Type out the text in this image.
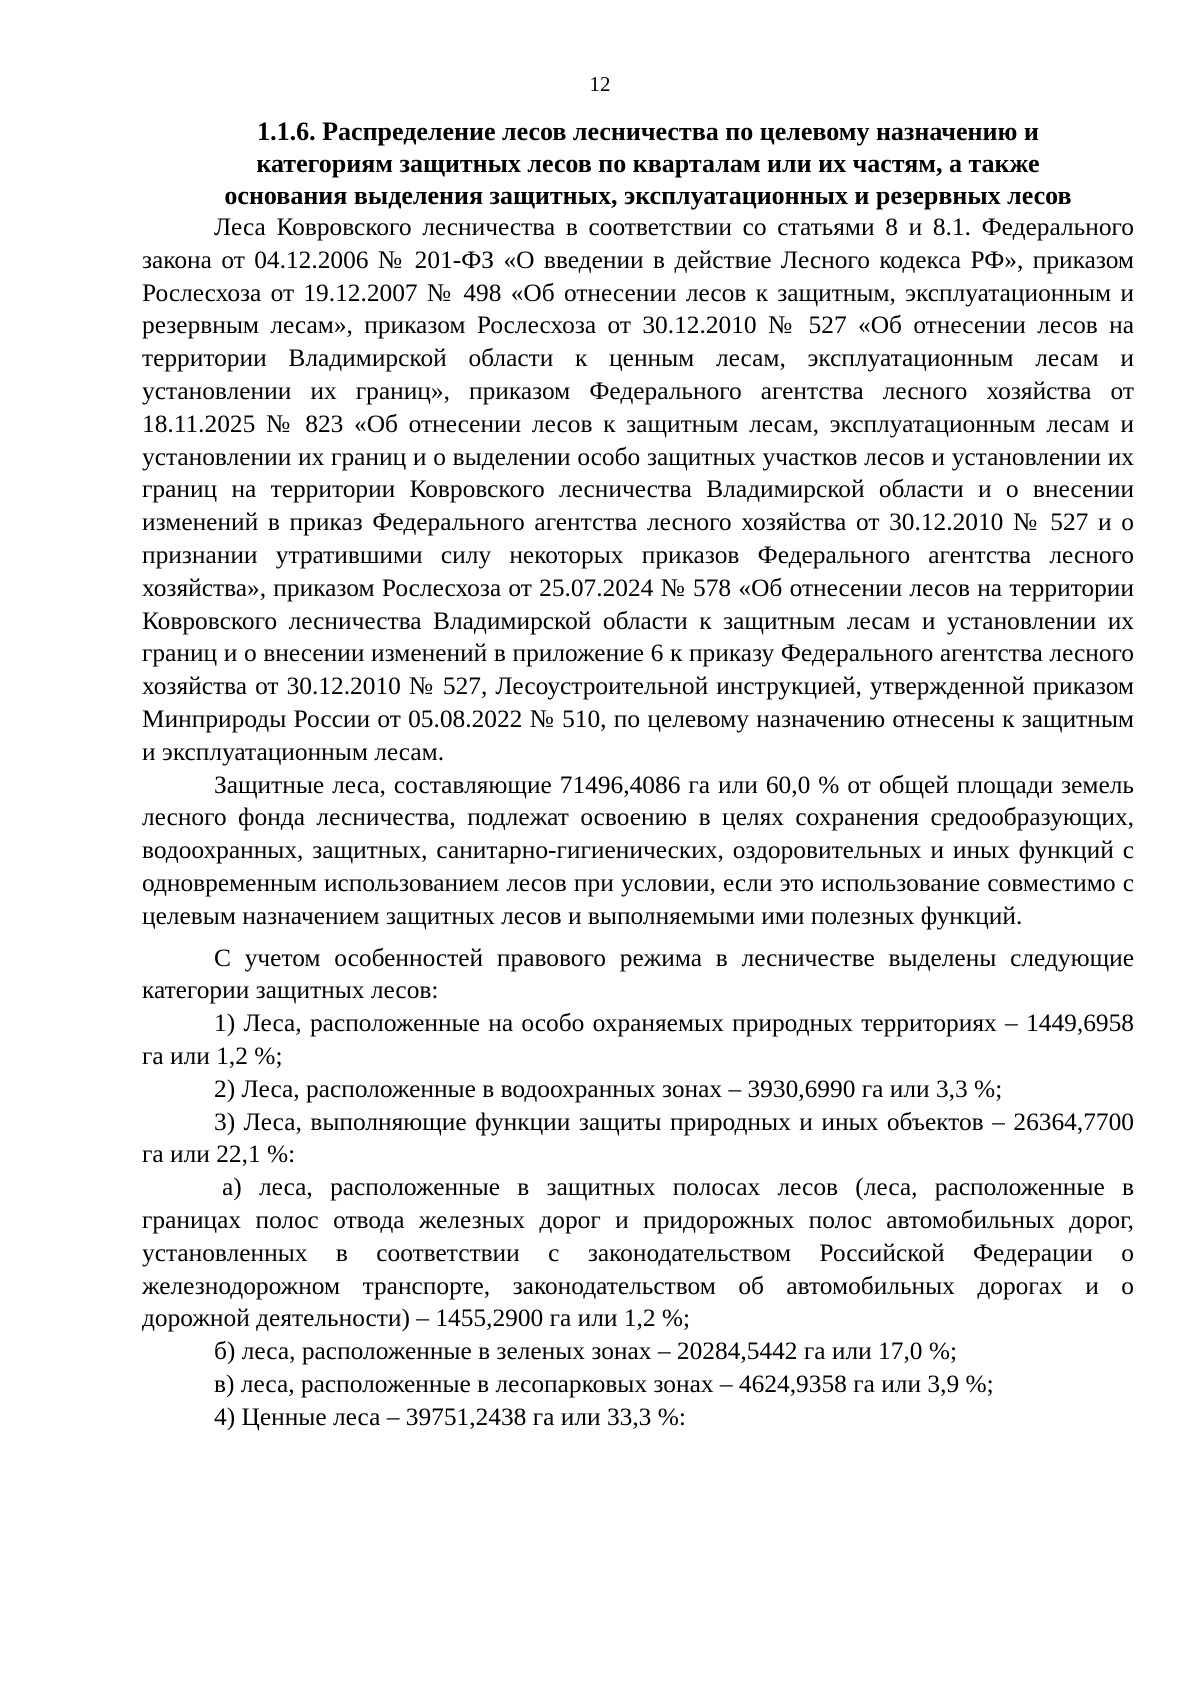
12
1.1.6. Распределение лесов лесничества по целевому назначению и
категориям защитных лесов по кварталам или их частям, а также
основания выделения защитных, эксплуатационных и резервных лесов

Леса Ковровского лесничества в соответствии со статьями 8 и 8.1. Федерального закона от 04.12.2006 № 201-ФЗ «О введении в действие Лесного кодекса РФ», приказом Рослесхоза от 19.12.2007 № 498 «Об отнесении лесов к защитным, эксплуатационным и резервным лесам», приказом Рослесхоза от 30.12.2010 № 527 «Об отнесении лесов на территории Владимирской области к ценным лесам, эксплуатационным лесам и установлении их границ», приказом Федерального агентства лесного хозяйства от 18.11.2025 № 823 «Об отнесении лесов к защитным лесам, эксплуатационным лесам и установлении их границ и о выделении особо защитных участков лесов и установлении их границ на территории Ковровского лесничества Владимирской области и о внесении изменений в приказ Федерального агентства лесного хозяйства от 30.12.2010 № 527 и о признании утратившими силу некоторых приказов Федерального агентства лесного хозяйства», приказом Рослесхоза от 25.07.2024 № 578 «Об отнесении лесов на территории Ковровского лесничества Владимирской области к защитным лесам и установлении их границ и о внесении изменений в приложение 6 к приказу Федерального агентства лесного хозяйства от 30.12.2010 № 527, Лесоустроительной инструкцией, утвержденной приказом Минприроды России от 05.08.2022 № 510, по целевому назначению отнесены к защитным и эксплуатационным лесам.

Защитные леса, составляющие 71496,4086 га или 60,0 % от общей площади земель лесного фонда лесничества, подлежат освоению в целях сохранения средообразующих, водоохранных, защитных, санитарно-гигиенических, оздоровительных и иных функций с одновременным использованием лесов при условии, если это использование совместимо с целевым назначением защитных лесов и выполняемыми ими полезных функций.

С учетом особенностей правового режима в лесничестве выделены следующие категории защитных лесов:

1) Леса, расположенные на особо охраняемых природных территориях – 1449,6958 га или 1,2 %;

2) Леса, расположенные в водоохранных зонах – 3930,6990 га или 3,3 %;

3) Леса, выполняющие функции защиты природных и иных объектов – 26364,7700 га или 22,1 %:

а) леса, расположенные в защитных полосах лесов (леса, расположенные в границах полос отвода железных дорог и придорожных полос автомобильных дорог, установленных в соответствии с законодательством Российской Федерации о железнодорожном транспорте, законодательством об автомобильных дорогах и о дорожной деятельности) – 1455,2900 га или 1,2 %;

б) леса, расположенные в зеленых зонах – 20284,5442 га или 17,0 %;

в) леса, расположенные в лесопарковых зонах – 4624,9358 га или 3,9 %;

4) Ценные леса – 39751,2438 га или 33,3 %:
